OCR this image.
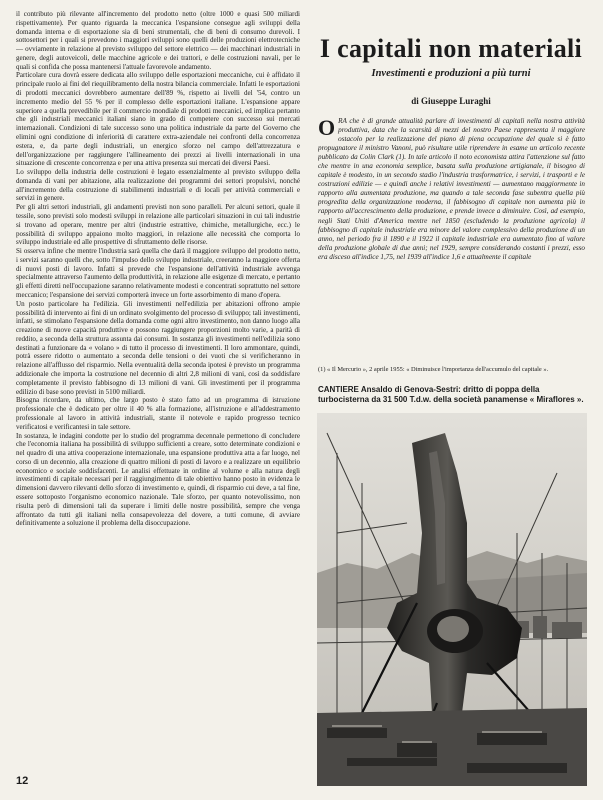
il contributo più rilevante all'incremento del prodotto netto (oltre 1000 e quasi 500 miliardi rispettivamente). Per quanto riguarda la meccanica l'espansione consegue agli sviluppi della domanda interna e di esportazione sia di beni strumentali, che di beni di consumo durevoli. I sottosettori per i quali si prevedono i maggiori sviluppi sono quelli delle produzioni elettrotecniche — ovviamente in relazione al previsto sviluppo del settore elettrico — dei macchinari industriali in genere, degli autoveicoli, delle macchine agricole e dei trattori, e delle costruzioni navali, per le quali si confida che possa mantenersi l'attuale favorevole andamento.

Particolare cura dovrà essere dedicata allo sviluppo delle esportazioni meccaniche, cui è affidato il principale ruolo ai fini del riequilibramento della nostra bilancia commerciale. Infatti le esportazioni di prodotti meccanici dovrebbero aumentare dell'89 %, rispetto ai livelli del '54, contro un incremento medio del 55 % per il complesso delle esportazioni italiane. L'espansione appare superiore a quella prevedibile per il commercio mondiale di prodotti meccanici, ed implica pertanto che gli industriali meccanici italiani siano in grado di competere con successo sui mercati internazionali. Condizioni di tale successo sono una politica industriale da parte del Governo che elimini ogni condizione di inferiorità di carattere extra-aziendale nei confronti della concorrenza estera, e, da parte degli industriali, un energico sforzo nel campo dell'attrezzatura e dell'organizzazione per raggiungere l'allineamento dei prezzi ai livelli internazionali in una situazione di crescente concorrenza e per una attiva presenza sui mercati dei diversi Paesi.

Lo sviluppo della industria delle costruzioni è legato essenzialmente al previsto sviluppo della domanda di vani per abitazione, alla realizzazione dei programmi dei settori propulsivi, nonché all'incremento della costruzione di stabilimenti industriali e di locali per attività commerciali e servizi in genere.

Per gli altri settori industriali, gli andamenti previsti non sono paralleli. Per alcuni settori, quale il tessile, sono previsti solo modesti sviluppi in relazione alle particolari situazioni in cui tali industrie si trovano ad operare, mentre per altri (industrie estrattive, chimiche, metallurgiche, ecc.) le possibilità di sviluppo appaiono molto maggiori, in relazione alle necessità che comporta lo sviluppo industriale ed alle prospettive di sfruttamento delle risorse.

Si osserva infine che mentre l'industria sarà quella che darà il maggiore sviluppo del prodotto netto, i servizi saranno quelli che, sotto l'impulso dello sviluppo industriale, creeranno la maggiore offerta di nuovi posti di lavoro. Infatti si prevede che l'espansione dell'attività industriale avvenga specialmente attraverso l'aumento della produttività, in relazione alle esigenze di mercato, e pertanto gli effetti diretti nell'occupazione saranno relativamente modesti e concentrati soprattutto nel settore meccanico; l'espansione dei servizi comporterà invece un forte assorbimento di mano d'opera.

Un posto particolare ha l'edilizia. Gli investimenti nell'edilizia per abitazioni offrono ampie possibilità di intervento ai fini di un ordinato svolgimento del processo di sviluppo; tali investimenti, infatti, se stimolano l'espansione della domanda come ogni altro investimento, non danno luogo alla creazione di nuove capacità produttive e possono raggiungere proporzioni molto varie, a parità di reddito, a seconda della struttura assunta dai consumi. In sostanza gli investimenti nell'edilizia sono destinati a funzionare da « volano » di tutto il processo di investimenti. Il loro ammontare, quindi, potrà essere ridotto o aumentato a seconda delle tensioni o dei vuoti che si verificheranno in relazione all'afflusso del risparmio. Nella eventualità della seconda ipotesi è previsto un programma addizionale che importa la costruzione nel decennio di altri 2,8 milioni di vani, così da soddisfare completamente il previsto fabbisogno di 13 milioni di vani. Gli investimenti per il programma edilizio di base sono previsti in 5100 miliardi.

Bisogna ricordare, da ultimo, che largo posto è stato fatto ad un programma di istruzione professionale che è dedicato per oltre il 40 % alla formazione, all'istruzione e all'addestramento professionale al lavoro in attività industriali, stante il notevole e rapido progresso tecnico verificatosi e verificantesi in tale settore.

In sostanza, le indagini condotte per lo studio del programma decennale permettono di concludere che l'economia italiana ha possibilità di sviluppo sufficienti a creare, sotto determinate condizioni e nel quadro di una attiva cooperazione internazionale, una espansione produttiva atta a far luogo, nel corso di un decennio, alla creazione di quattro milioni di posti di lavoro e a realizzare un equilibrio economico e sociale soddisfacenti. Le analisi effettuate in ordine al volume e alla natura degli investimenti di capitale necessari per il raggiungimento di tale obiettivo hanno posto in evidenza le dimensioni davvero rilevanti dello sforzo di investimento e, quindi, di risparmio cui deve, a tal fine, essere sottoposto l'organismo economico nazionale. Tale sforzo, per quanto notevolissimo, non risulta però di dimensioni tali da superare i limiti delle nostre possibilità, sempre che venga affrontato da tutti gli italiani nella consapevolezza del dovere, a tutti comune, di avviare definitivamente a soluzione il problema della disoccupazione.

12
I capitali non materiali
Investimenti e produzioni a più turni
di Giuseppe Luraghi

ORA che è di grande attualità parlare di investimenti di capitali nella nostra attività produttiva, data che la scarsità di mezzi del nostro Paese rappresenta il maggiore ostacolo per la realizzazione del piano di piena occupazione del quale si è fatto propugnatore il ministro Vanoni, può risultare utile riprendere in esame un articolo recente pubblicato da Colin Clark (1). In tale articolo il noto economista attira l'attenzione sul fatto che mentre in una economia semplice, basata sulla produzione artigianale, il bisogno di capitale è modesto, in un secondo stadio l'industria trasformatrice, i servizi, i trasporti e le costruzioni edilizie — e quindi anche i relativi investimenti — aumentano maggiormente in rapporto alla aumentata produzione, ma quando a tale seconda fase subentra quella più progredita della organizzazione moderna, il fabbisogno di capitale non aumenta più in rapporto all'accrescimento della produzione, e prende invece a diminuire. Così, ad esempio, negli Stati Uniti d'America mentre nel 1850 (escludendo la produzione agricola) il fabbisogno di capitale industriale era minore del valore complessivo della produzione di un anno, nel periodo fra il 1890 e il 1922 il capitale industriale era aumentato fino al valore della produzione globale di due anni; nel 1929, sempre considerando costanti i prezzi, esso era disceso all'indice 1,75, nel 1939 all'indice 1,6 e attualmente il capitale

(1) « Il Mercurio », 2 aprile 1955: « Diminuisce l'importanza dell'accumulo del capitale ».

CANTIERE Ansaldo di Genova-Sestri: dritto di poppa della turbocisterna da 31 500 T.d.w. della società panamense « Miraflores ».
